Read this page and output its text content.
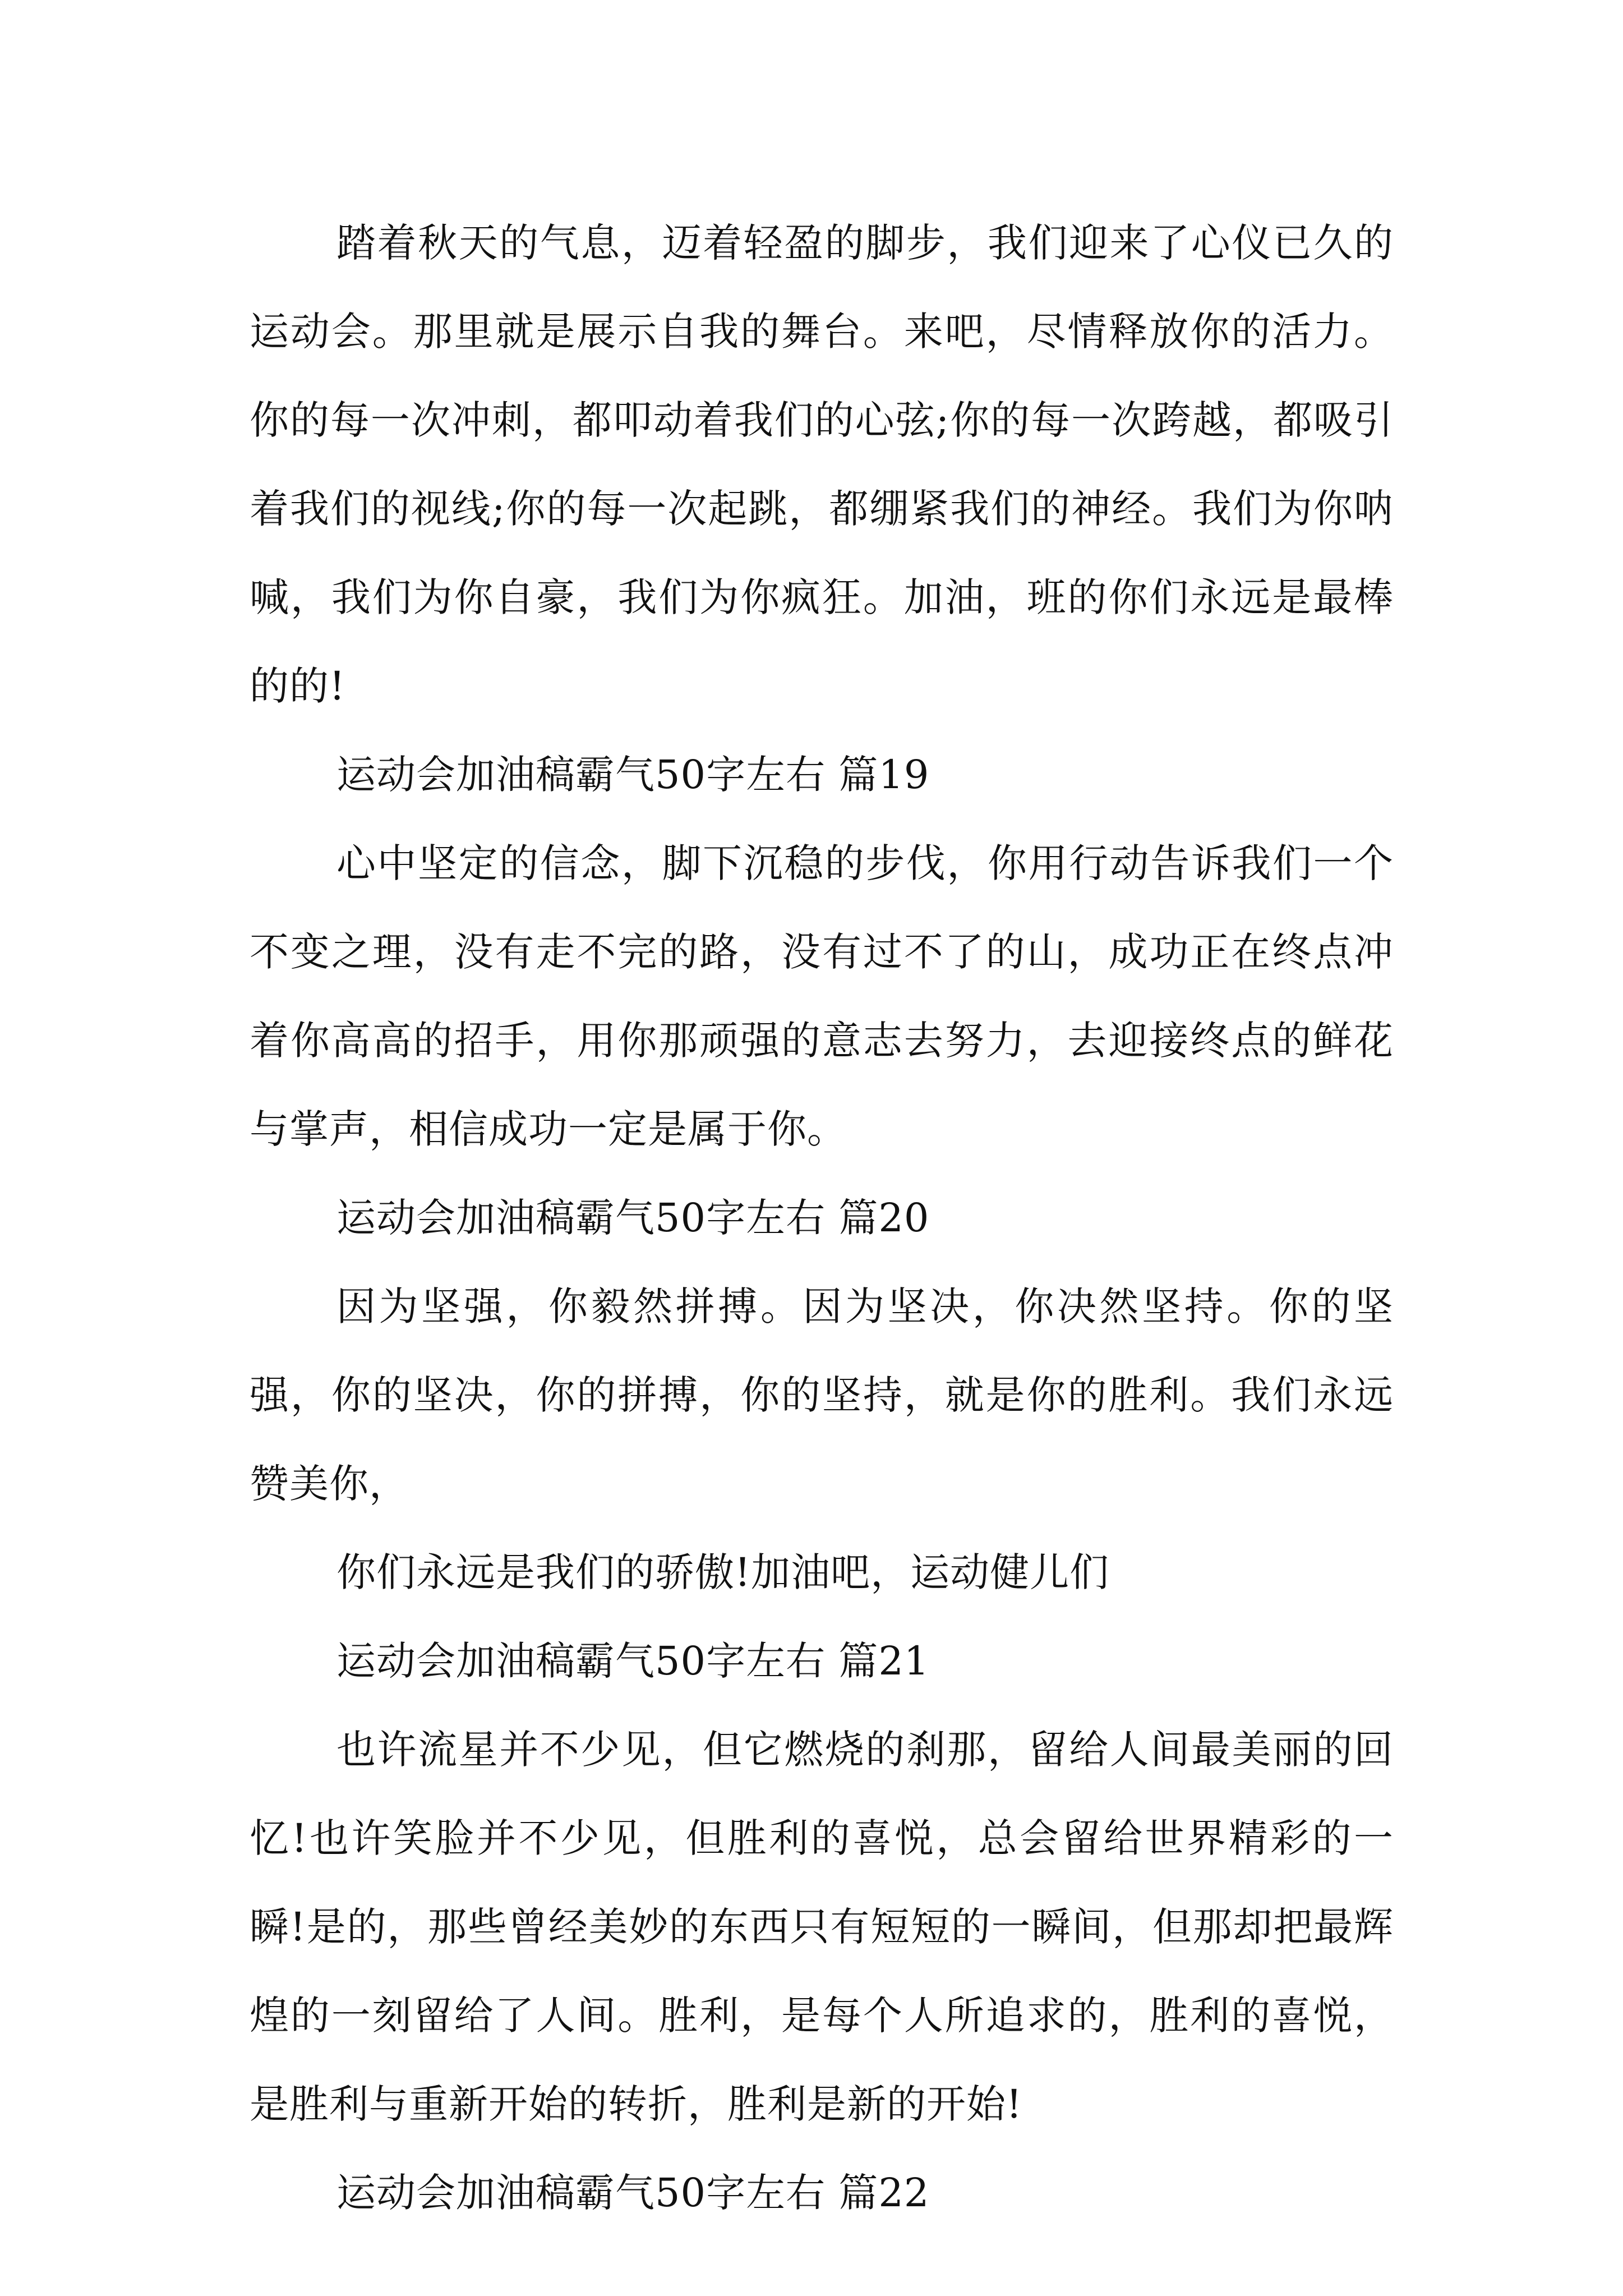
踏着秋天的气息，迈着轻盈的脚步，我们迎来了心仪已久的运动会。那里就是展示自我的舞台。来吧，尽情释放你的活力。你的每一次冲刺，都叩动着我们的心弦;你的每一次跨越，都吸引着我们的视线;你的每一次起跳，都绷紧我们的神经。我们为你呐喊，我们为你自豪，我们为你疯狂。加油，班的你们永远是最棒的的!

运动会加油稿霸气50字左右 篇19

心中坚定的信念，脚下沉稳的步伐，你用行动告诉我们一个不变之理，没有走不完的路，没有过不了的山，成功正在终点冲着你高高的招手，用你那顽强的意志去努力，去迎接终点的鲜花与掌声，相信成功一定是属于你。

运动会加油稿霸气50字左右 篇20

因为坚强，你毅然拼搏。因为坚决，你决然坚持。你的坚强，你的坚决，你的拼搏，你的坚持，就是你的胜利。我们永远赞美你，

你们永远是我们的骄傲!加油吧，运动健儿们

运动会加油稿霸气50字左右 篇21

也许流星并不少见，但它燃烧的刹那，留给人间最美丽的回忆!也许笑脸并不少见，但胜利的喜悦，总会留给世界精彩的一瞬!是的，那些曾经美妙的东西只有短短的一瞬间，但那却把最辉煌的一刻留给了人间。胜利，是每个人所追求的，胜利的喜悦，是胜利与重新开始的转折，胜利是新的开始!

运动会加油稿霸气50字左右 篇22
